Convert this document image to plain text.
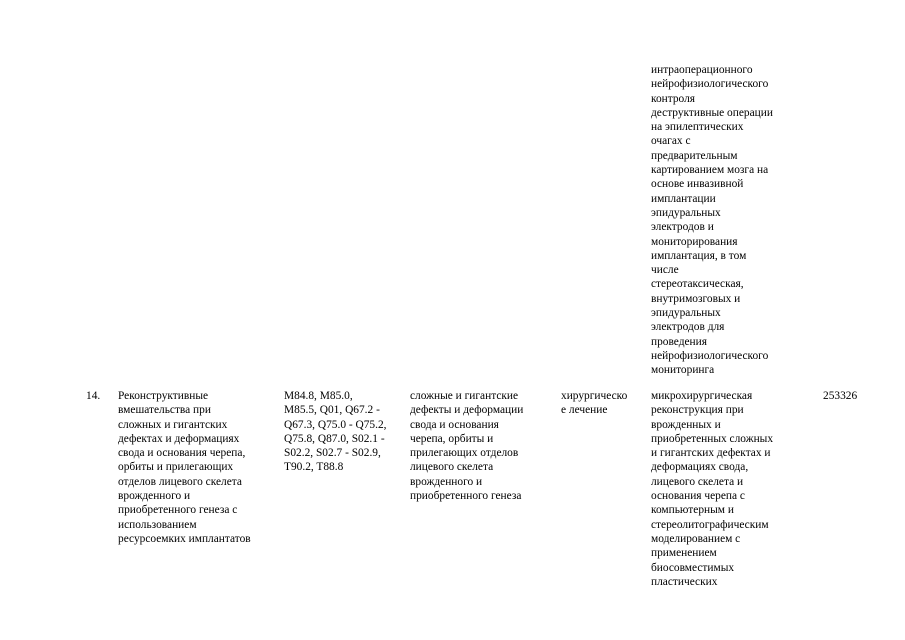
14. Реконструктивные
вмешательства при
сложных и гигантских
дефектах и деформациях
свода и основания черепа,
орбиты и прилегающих
отделов лицевого скелета
врожденного и
приобретенного генеза с
использованием
ресурсоемких имплантатов
M84.8, M85.0,
M85.5, Q01, Q67.2 -
Q67.3, Q75.0 - Q75.2,
Q75.8, Q87.0, S02.1 -
S02.2, S02.7 - S02.9,
T90.2, T88.8
сложные и гигантские
дефекты и деформации
свода и основания
черепа, орбиты и
прилегающих отделов
лицевого скелета
врожденного и
приобретенного генеза
хирургическо
е лечение
интраоперационного
нейрофизиологического
контроля
деструктивные операции
на эпилептических
очагах с
предварительным
картированием мозга на
основе инвазивной
имплантации
эпидуральных
электродов и
мониторирования
имплантация, в том
числе
стереотаксическая,
внутримозговых и
эпидуральных
электродов для
проведения
нейрофизиологического
мониторинга
микрохирургическая
реконструкция при
врожденных и
приобретенных сложных
и гигантских дефектах и
деформациях свода,
лицевого скелета и
основания черепа с
компьютерным и
стереолитографическим
моделированием с
применением
биосовместимых
пластических
253326
